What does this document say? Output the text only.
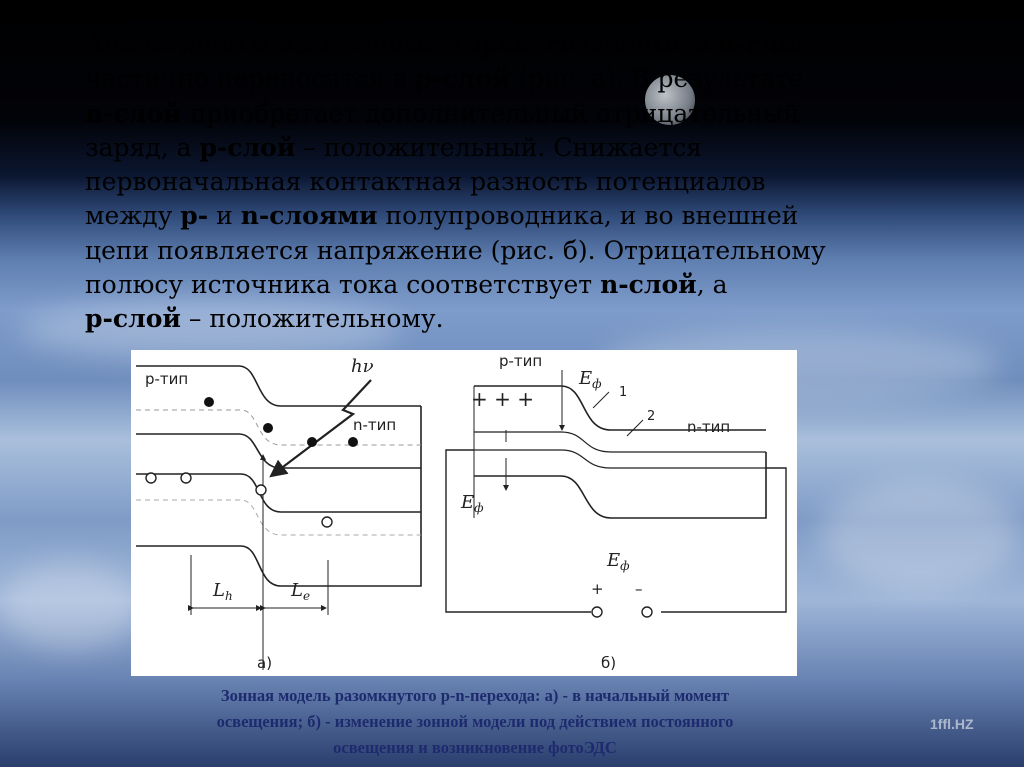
Аналогично и избыточные дырки, созданные в n-слое,
частично переносятся в р-слой (рис. а). В результате
n-слой приобретает дополнительный отрицательный
заряд, а р-слой – положительный. Снижается
первоначальная контактная разность потенциалов
между р- и n-слоями полупроводника, и во внешней
цепи появляется напряжение (рис. б). Отрицательному
полюсу источника тока соответствует n-слой, а
р-слой – положительному.
р-тип
n-тип
hν
$L_h$	$L_e$
а)
р-тип
n-тип
+ + +
$E_ф$
$E_ф$
$E_ф$
1
2
+ –
б)
Зонная модель разомкнутого p-n-перехода: а) - в начальный момент
освещения; б) - изменение зонной модели под действием постоянного
освещения и возникновение фотоЭДС
1ffl.HZ
